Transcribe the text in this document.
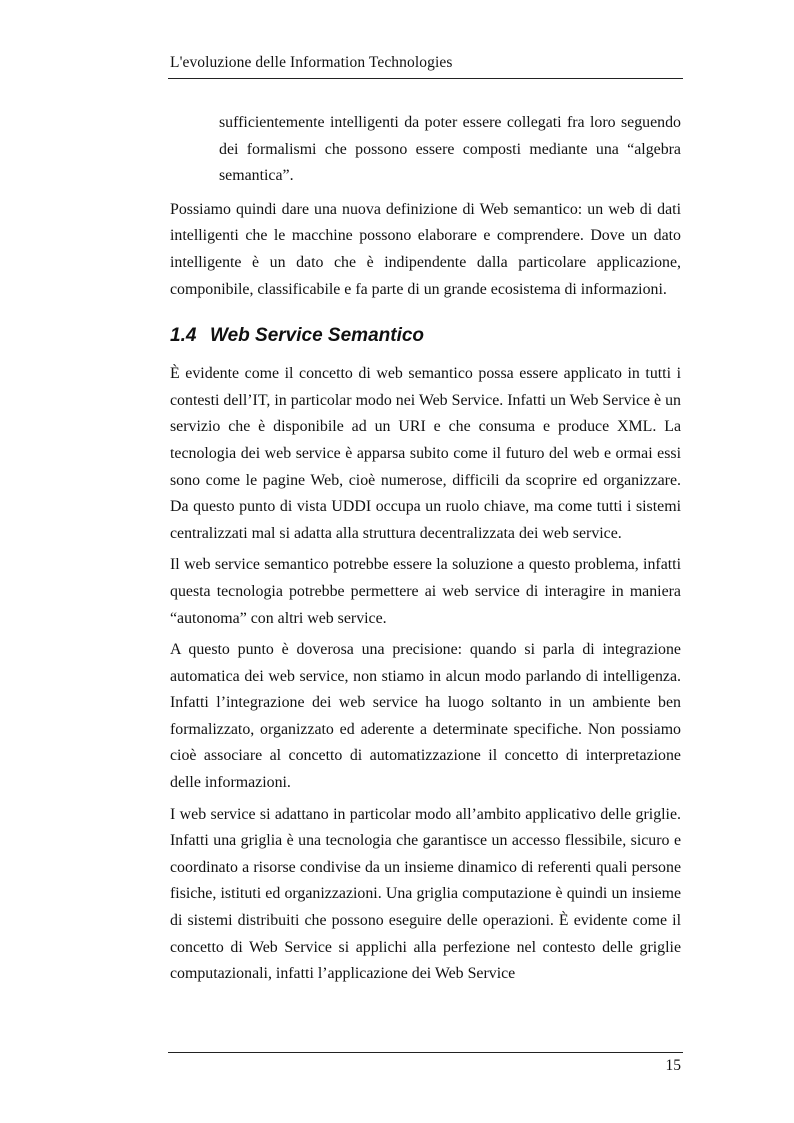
L'evoluzione delle Information Technologies

sufficientemente intelligenti da poter essere collegati fra loro seguendo dei formalismi che possono essere composti mediante una “algebra semantica”.

Possiamo quindi dare una nuova definizione di Web semantico: un web di dati intelligenti che le macchine possono elaborare e comprendere. Dove un dato intelligente è un dato che è indipendente dalla particolare applicazione, componibile, classificabile e fa parte di un grande ecosistema di informazioni.

1.4 Web Service Semantico

È evidente come il concetto di web semantico possa essere applicato in tutti i contesti dell’IT, in particolar modo nei Web Service. Infatti un Web Service è un servizio che è disponibile ad un URI e che consuma e produce XML. La tecnologia dei web service è apparsa subito come il futuro del web e ormai essi sono come le pagine Web, cioè numerose, difficili da scoprire ed organizzare. Da questo punto di vista UDDI occupa un ruolo chiave, ma come tutti i sistemi centralizzati mal si adatta alla struttura decentralizzata dei web service.

Il web service semantico potrebbe essere la soluzione a questo problema, infatti questa tecnologia potrebbe permettere ai web service di interagire in maniera “autonoma” con altri web service.

A questo punto è doverosa una precisione: quando si parla di integrazione automatica dei web service, non stiamo in alcun modo parlando di intelligenza. Infatti l’integrazione dei web service ha luogo soltanto in un ambiente ben formalizzato, organizzato ed aderente a determinate specifiche. Non possiamo cioè associare al concetto di automatizzazione il concetto di interpretazione delle informazioni.

I web service si adattano in particolar modo all’ambito applicativo delle griglie. Infatti una griglia è una tecnologia che garantisce un accesso flessibile, sicuro e coordinato a risorse condivise da un insieme dinamico di referenti quali persone fisiche, istituti ed organizzazioni. Una griglia computazione è quindi un insieme di sistemi distribuiti che possono eseguire delle operazioni. È evidente come il concetto di Web Service si applichi alla perfezione nel contesto delle griglie computazionali, infatti l’applicazione dei Web Service

15
